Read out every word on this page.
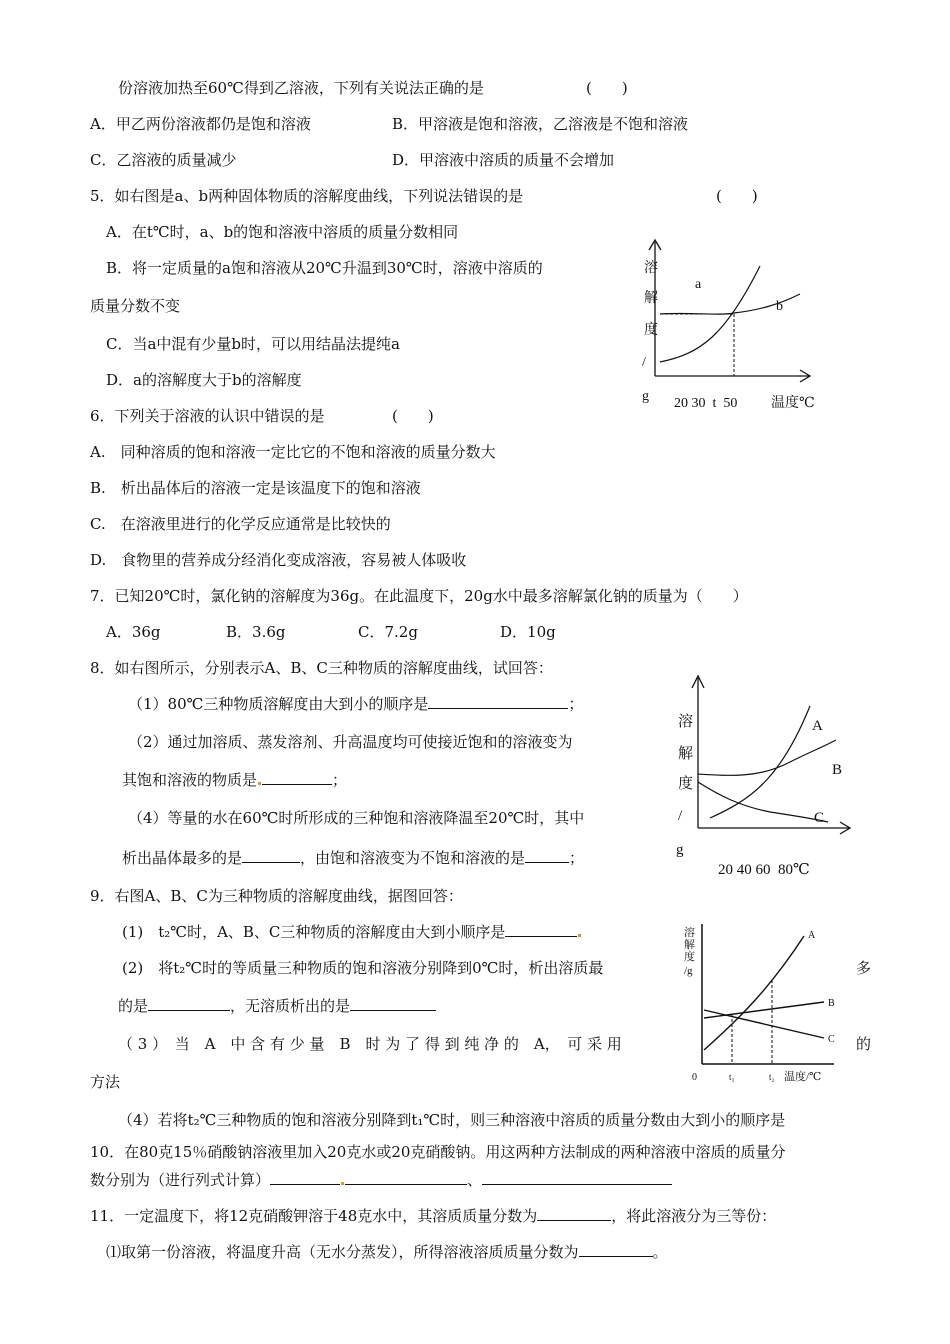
份溶液加热至60℃得到乙溶液，下列有关说法正确的是	(　　)
A．甲乙两份溶液都仍是饱和溶液	B．甲溶液是饱和溶液，乙溶液是不饱和溶液
C．乙溶液的质量减少	D．甲溶液中溶质的质量不会增加
5．如右图是a、b两种固体物质的溶解度曲线，下列说法错误的是	(　　)
A．在t℃时，a、b的饱和溶液中溶质的质量分数相同
B．将一定质量的a饱和溶液从20℃升温到30℃时，溶液中溶质的
质量分数不变
C．当a中混有少量b时，可以用结晶法提纯a
D．a的溶解度大于b的溶解度
a
b
溶
解
度
/
g 20 30  t  50 温度℃
6．下列关于溶液的认识中错误的是	(　　)
A.　同种溶质的饱和溶液一定比它的不饱和溶液的质量分数大
B.　析出晶体后的溶液一定是该温度下的饱和溶液
C.　在溶液里进行的化学反应通常是比较快的
D.　食物里的营养成分经消化变成溶液，容易被人体吸收
7．已知20℃时，氯化钠的溶解度为36g。在此温度下，20g水中最多溶解氯化钠的质量为（　　）
A．36g	B．3.6g	C．7.2g	D．10g
8．如右图所示，分别表示A、B、C三种物质的溶解度曲线，试回答：
（1）80℃三种物质溶解度由大到小的顺序是	；
（2）通过加溶质、蒸发溶剂、升高温度均可使接近饱和的溶液变为
其饱和溶液的物质是	；
（4）等量的水在60℃时所形成的三种饱和溶液降温至20℃时，其中
析出晶体最多的是	，由饱和溶液变为不饱和溶液的是	；
A
B
C
溶
解
度
/
g
20 40 60  80℃
9．右图A、B、C为三种物质的溶解度曲线，据图回答：
(1)　t₂℃时，A、B、C三种物质的溶解度由大到小顺序是
(2)　将t₂℃时的等质量三种物质的饱和溶液分别降到0℃时，析出溶质最	多
的是	，无溶质析出的是
（ 3 ）　当　A　中 含 有 少 量　B　时 为 了 得 到 纯 净 的　A，　可 采 用	的
方法
（4）若将t₂℃三种物质的饱和溶液分别降到t₁℃时，则三种溶液中溶质的质量分数由大到小的顺序是
A
B
C
溶
解
度
/g
0	t₁	t₂ 温度/℃
10．在80克15％硝酸钠溶液里加入20克水或20克硝酸钠。用这两种方法制成的两种溶液中溶质的质量分
数分别为（进行列式计算）	、
11．一定温度下，将12克硝酸钾溶于48克水中，其溶质质量分数为	，将此溶液分为三等份：
⑴取第一份溶液，将温度升高（无水分蒸发），所得溶液溶质质量分数为	。
